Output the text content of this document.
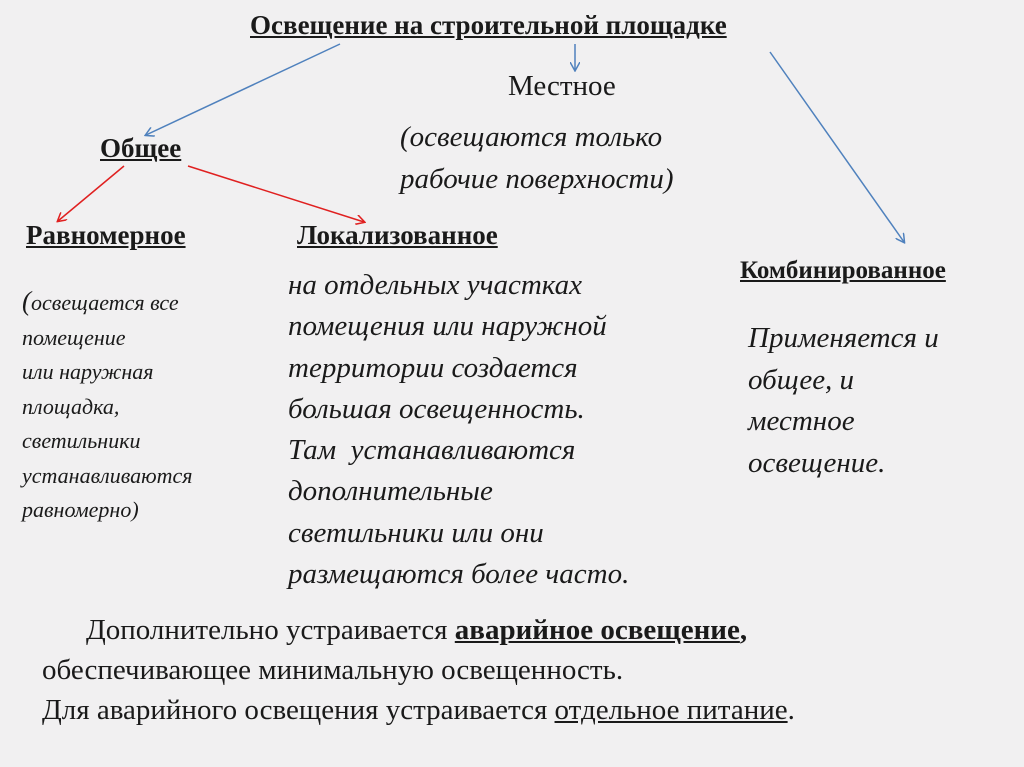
Освещение на строительной площадке
Местное
(освещаются только
рабочие поверхности)
Общее
Равномерное	Локализованное
Комбинированное
(освещается все
помещение
или наружная
площадка,
светильники
устанавливаются
равномерно)
на отдельных участках
помещения или наружной
территории создается
большая освещенность.
Там  устанавливаются
дополнительные
светильники или они
размещаются более часто.
Применяется и
общее, и
местное
освещение.
Дополнительно устраивается аварийное освещение,
обеспечивающее минимальную освещенность.
Для аварийного освещения устраивается отдельное питание.
